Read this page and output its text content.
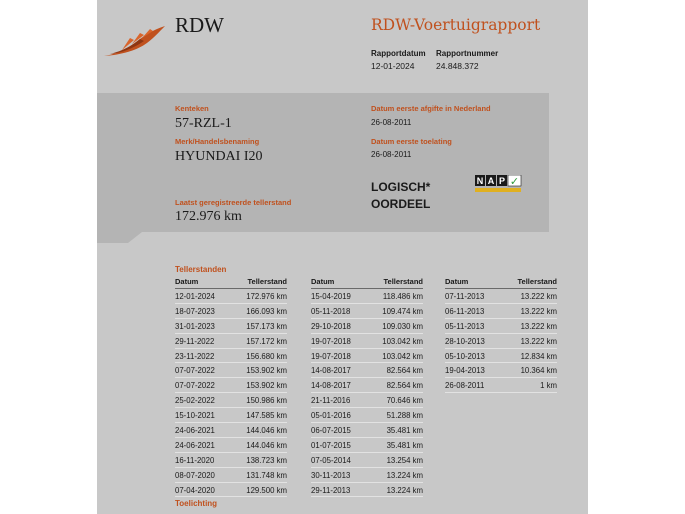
RDW	RDW-Voertuigrapport
Rapportdatum Rapportnummer
12-01-2024	24.848.372
Kenteken
57-RZL-1
Merk/Handelsbenaming
HYUNDAI I20
Laatst geregistreerde tellerstand
172.976 km
Datum eerste afgifte in Nederland
26-08-2011
Datum eerste toelating
26-08-2011
LOGISCH*
OORDEEL
N A P ✓
Tellerstanden
Datum	Tellerstand
12-01-2024	172.976 km
18-07-2023	166.093 km
31-01-2023	157.173 km
29-11-2022	157.172 km
23-11-2022	156.680 km
07-07-2022	153.902 km
07-07-2022	153.902 km
25-02-2022	150.986 km
15-10-2021	147.585 km
24-06-2021	144.046 km
24-06-2021	144.046 km
16-11-2020	138.723 km
08-07-2020	131.748 km
07-04-2020	129.500 km
Datum	Tellerstand
15-04-2019	118.486 km
05-11-2018	109.474 km
29-10-2018	109.030 km
19-07-2018	103.042 km
19-07-2018	103.042 km
14-08-2017	82.564 km
14-08-2017	82.564 km
21-11-2016	70.646 km
05-01-2016	51.288 km
06-07-2015	35.481 km
01-07-2015	35.481 km
07-05-2014	13.254 km
30-11-2013	13.224 km
29-11-2013	13.224 km
Datum	Tellerstand
07-11-2013	13.222 km
06-11-2013	13.222 km
05-11-2013	13.222 km
28-10-2013	13.222 km
05-10-2013	12.834 km
19-04-2013	10.364 km
26-08-2011	1 km
Toelichting
